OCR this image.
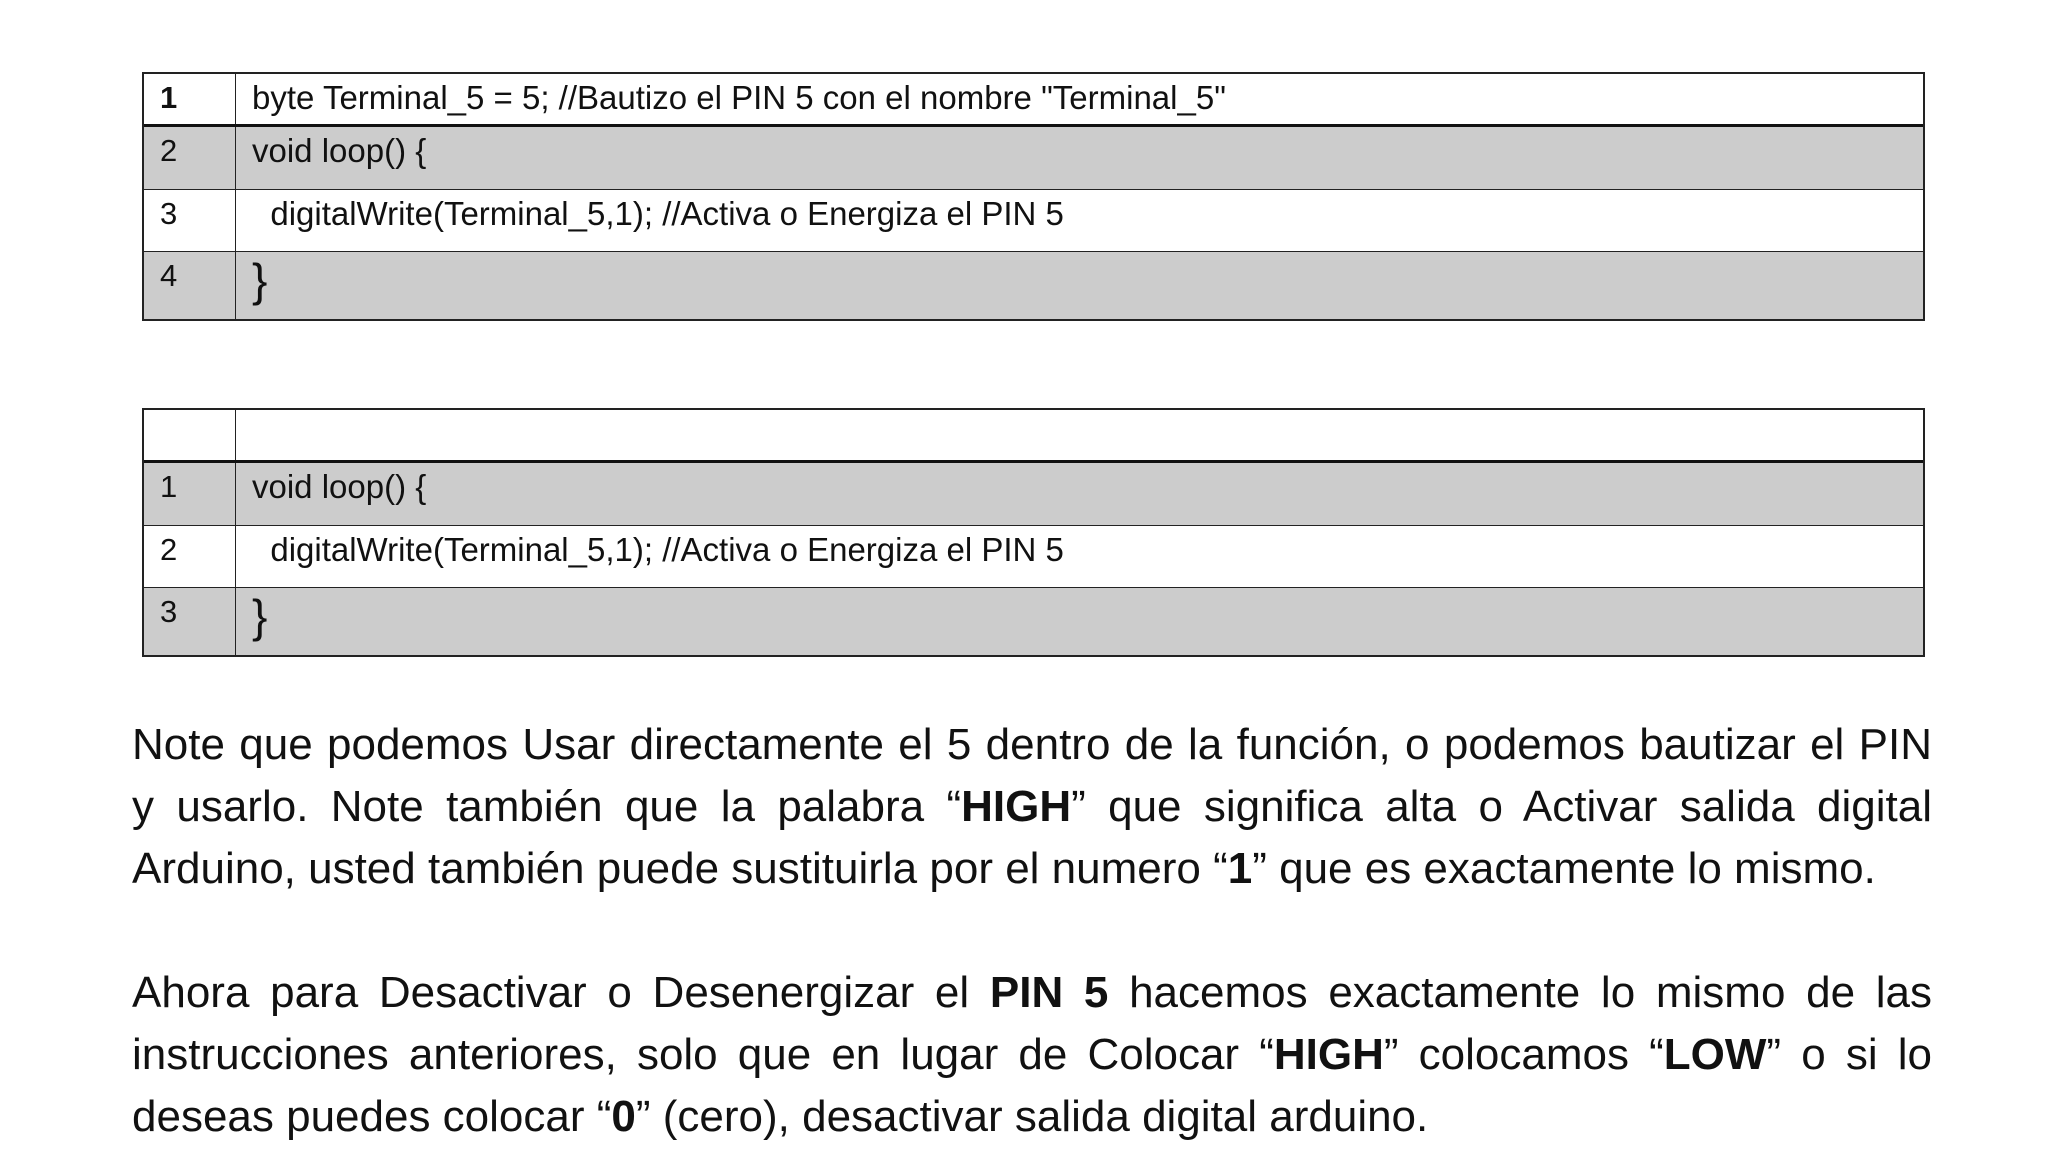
1	byte Terminal_5 = 5; //Bautizo el PIN 5 con el nombre "Terminal_5"
2	void loop() {
3	digitalWrite(Terminal_5,1); //Activa o Energiza el PIN 5
4	}
1	void loop() {
2	digitalWrite(Terminal_5,1); //Activa o Energiza el PIN 5
3	}

Note que podemos Usar directamente el 5 dentro de la función, o podemos bautizar el PIN y usarlo. Note también que la palabra “HIGH” que significa alta o Activar salida digital Arduino, usted también puede sustituirla por el numero “1” que es exactamente lo mismo.

Ahora para Desactivar o Desenergizar el PIN 5 hacemos exactamente lo mismo de las instrucciones anteriores, solo que en lugar de Colocar “HIGH” colocamos “LOW” o si lo deseas puedes colocar “0” (cero), desactivar salida digital arduino.
